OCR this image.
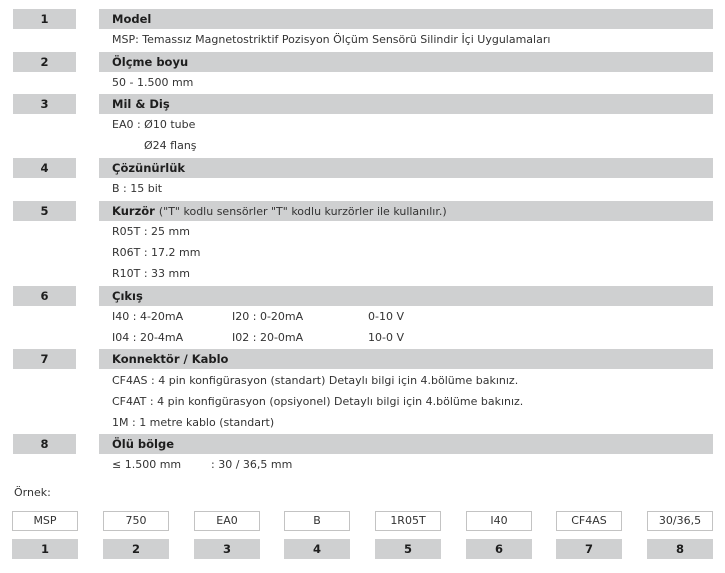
1	Model
MSP: Temassız Magnetostriktif Pozisyon Ölçüm Sensörü Silindir İçi Uygulamaları
2	Ölçme boyu
50 - 1.500 mm
3	Mil & Diş
EA0 : Ø10 tube
Ø24 flanş
4	Çözünürlük
B : 15 bit
5	Kurzör ("T" kodlu sensörler "T" kodlu kurzörler ile kullanılır.)
R05T : 25 mm
R06T : 17.2 mm
R10T : 33 mm
6	Çıkış
I40 : 4-20mA	I20 : 0-20mA	0-10 V
I04 : 20-4mA	I02 : 20-0mA	10-0 V
7	Konnektör / Kablo
CF4AS : 4 pin konfigürasyon (standart) Detaylı bilgi için 4.bölüme bakınız.
CF4AT : 4 pin konfigürasyon (opsiyonel) Detaylı bilgi için 4.bölüme bakınız.
1M : 1 metre kablo (standart)
8	Ölü bölge
≤ 1.500 mm	: 30 / 36,5 mm
Örnek:
MSP	750	EA0	B	1R05T	I40	CF4AS	30/36,5
1	2	3	4	5	6	7	8
